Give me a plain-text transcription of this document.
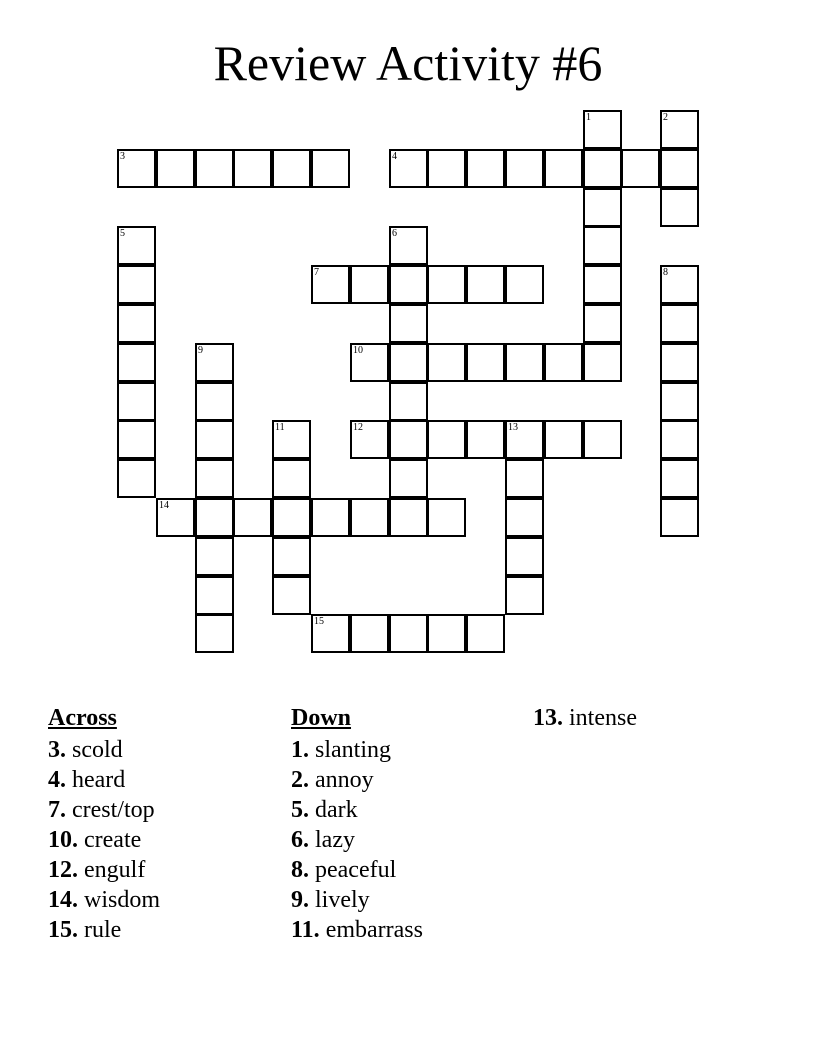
Review Activity #6
1	2
3	4
5	6
7	8
9	10
11	12	13
14
15
Across
3. scold
4. heard
7. crest/top
10. create
12. engulf
14. wisdom
15. rule
Down
1. slanting
2. annoy
5. dark
6. lazy
8. peaceful
9. lively
11. embarrass
13. intense
